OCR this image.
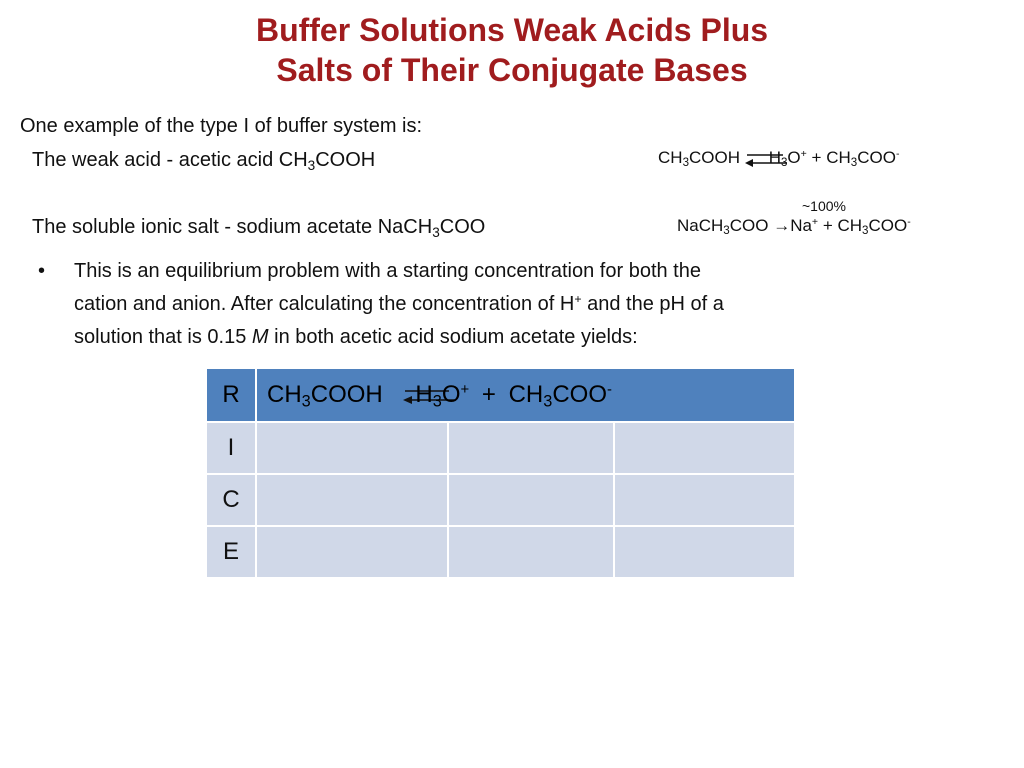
Buffer Solutions Weak Acids Plus
Salts of Their Conjugate Bases
One example of the type I of buffer system is:
The weak acid - acetic acid $CH_3COOH$	$CH_3COOH$ $H_3O^+ + CH_3COO^-$
~100%
The soluble ionic salt - sodium acetate NaCH$_3$COO	NaCH$_3$COO $\to Na^+ + CH_3COO^-$
• This is an equilibrium problem with a starting concentration for both the
cation and anion. After calculating the concentration of H+ and the pH of a
solution that is 0.15 M in both acetic acid sodium acetate yields:
R	$CH_3COOH$ $H_3O^+ + CH_3COO^-$
I			
C			
E			
